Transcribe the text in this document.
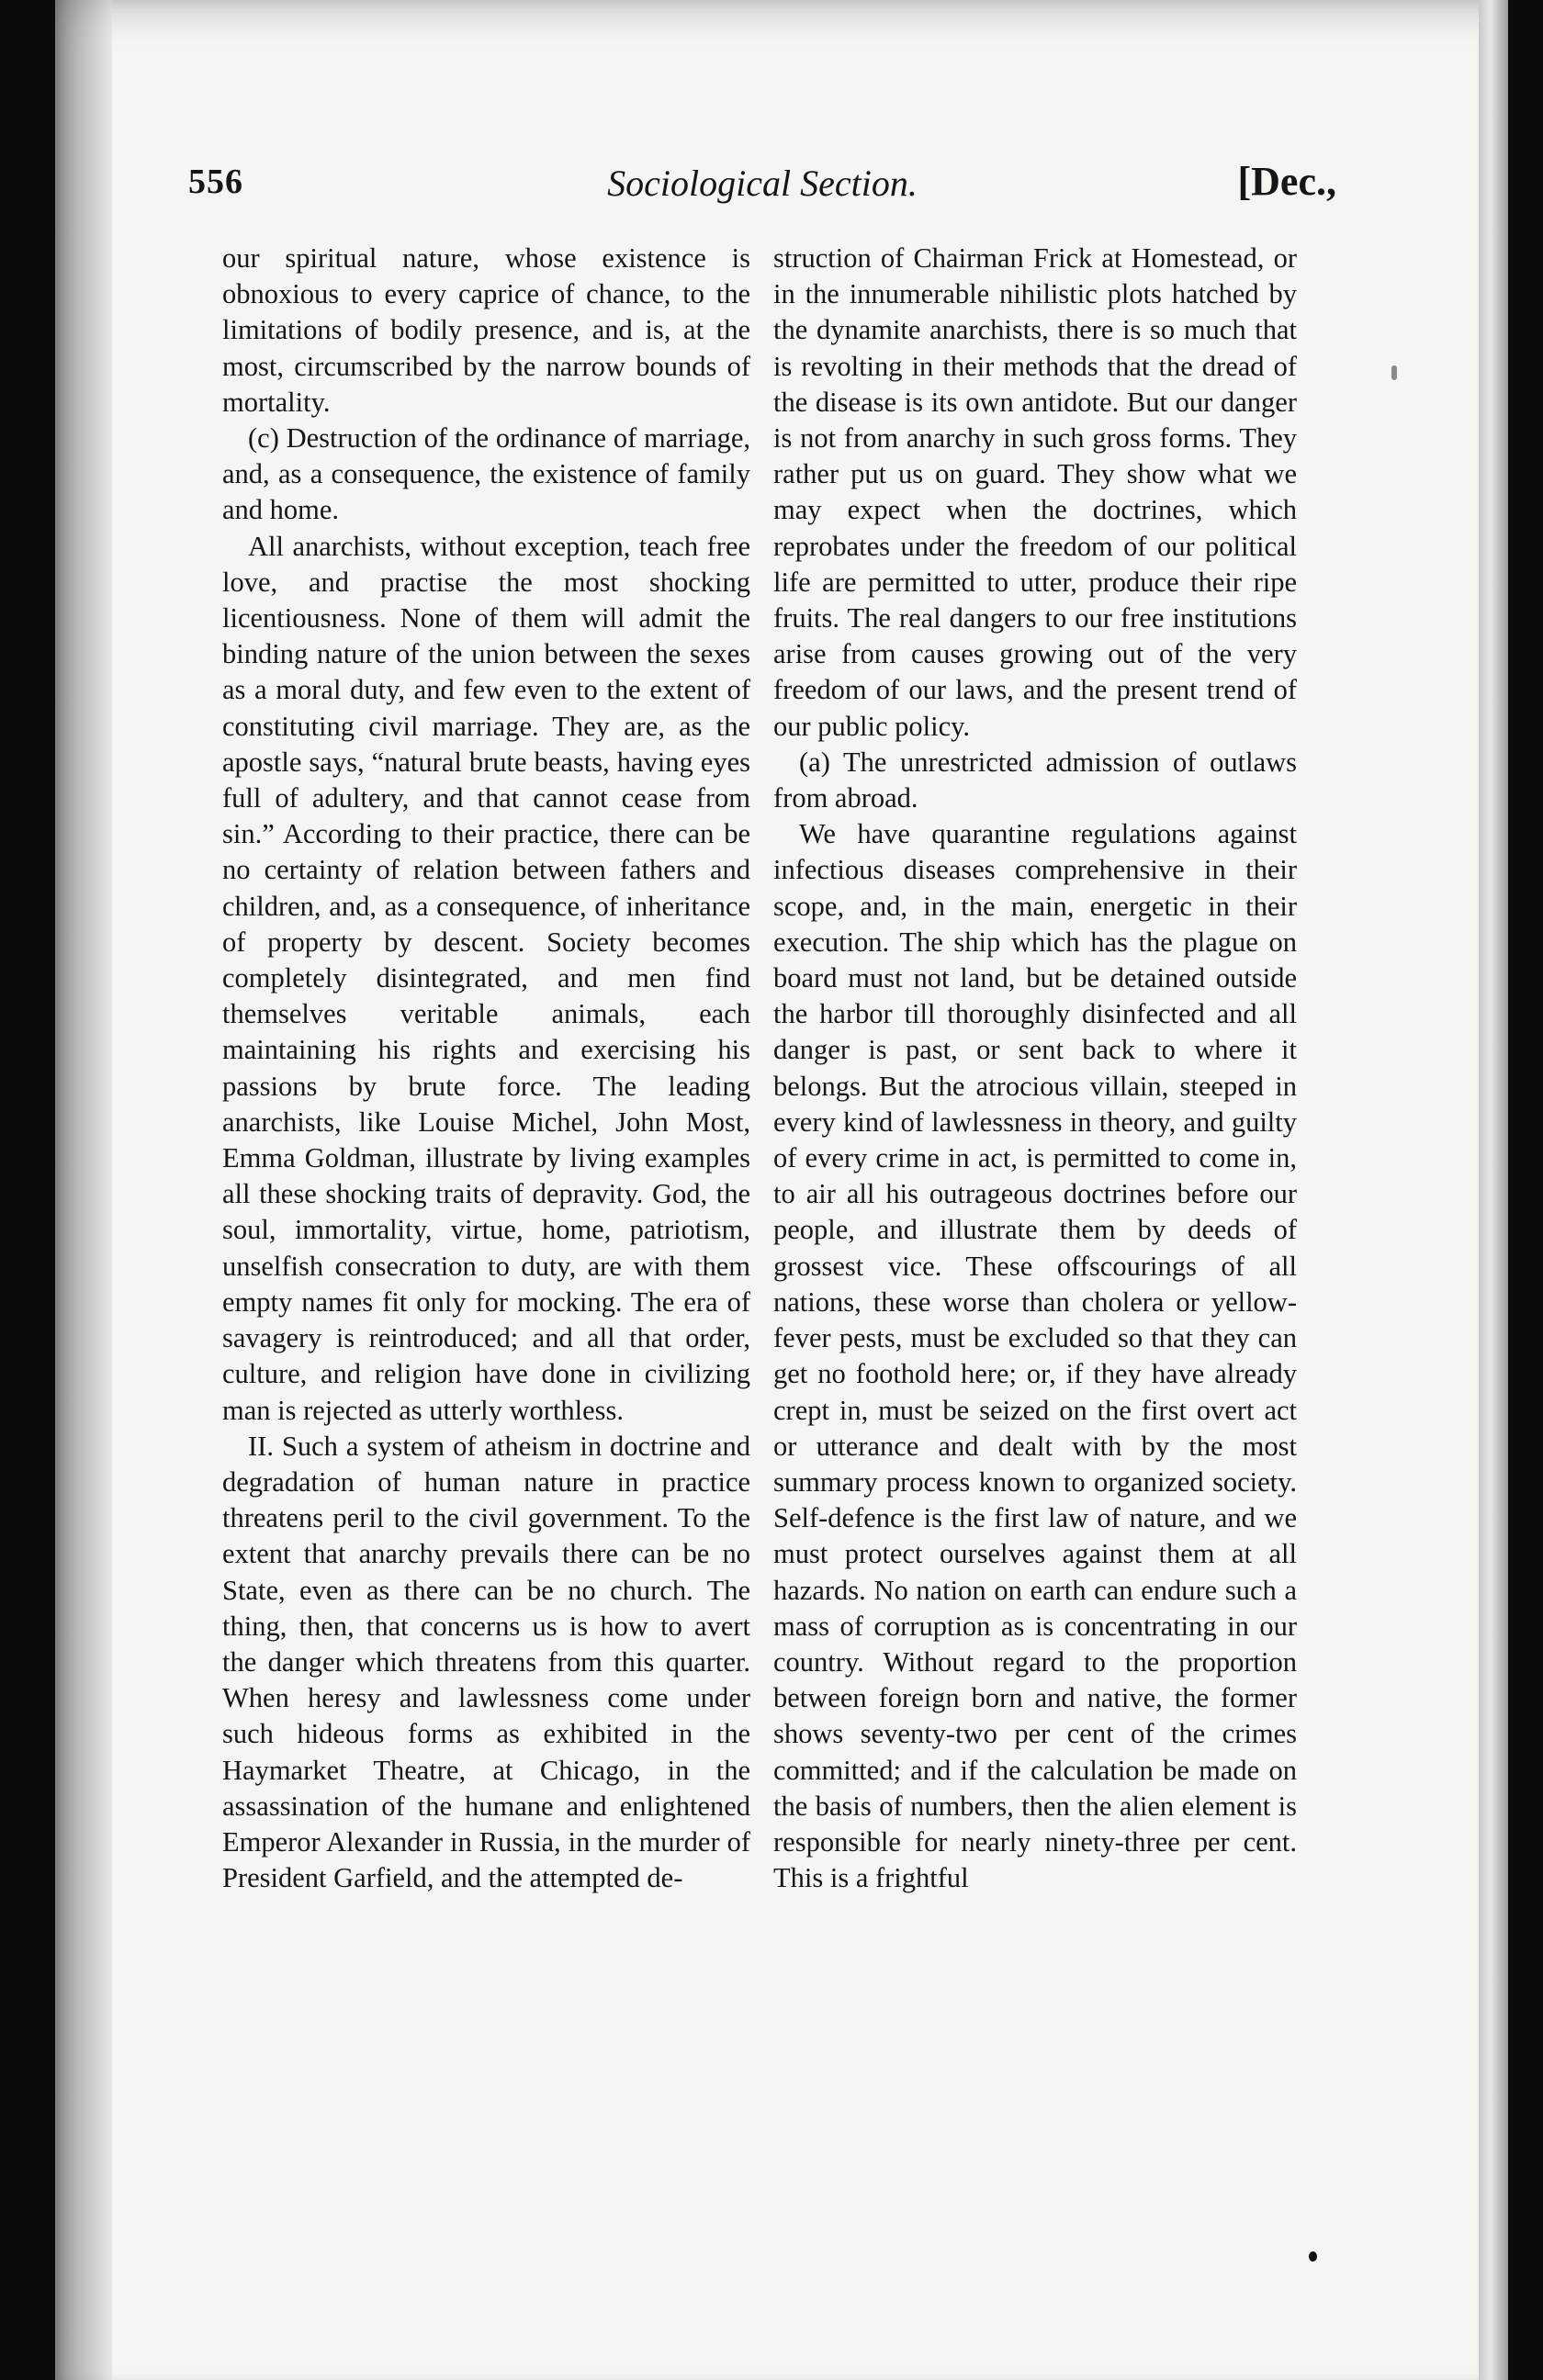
556	Sociological Section.	[Dec.,

our spiritual nature, whose existence is obnoxious to every caprice of chance, to the limitations of bodily presence, and is, at the most, circumscribed by the narrow bounds of mortality.

(c) Destruction of the ordinance of marriage, and, as a consequence, the existence of family and home.

All anarchists, without exception, teach free love, and practise the most shocking licentiousness. None of them will admit the binding nature of the union between the sexes as a moral duty, and few even to the extent of constituting civil marriage. They are, as the apostle says, “natural brute beasts, having eyes full of adultery, and that cannot cease from sin.” According to their practice, there can be no certainty of relation between fathers and children, and, as a consequence, of inheritance of property by descent. Society becomes completely disintegrated, and men find themselves veritable animals, each maintaining his rights and exercising his passions by brute force. The leading anarchists, like Louise Michel, John Most, Emma Goldman, illustrate by living examples all these shocking traits of depravity. God, the soul, immortality, virtue, home, patriotism, unselfish consecration to duty, are with them empty names fit only for mocking. The era of savagery is reintroduced; and all that order, culture, and religion have done in civilizing man is rejected as utterly worthless.

II. Such a system of atheism in doctrine and degradation of human nature in practice threatens peril to the civil government. To the extent that anarchy prevails there can be no State, even as there can be no church. The thing, then, that concerns us is how to avert the danger which threatens from this quarter. When heresy and lawlessness come under such hideous forms as exhibited in the Haymarket Theatre, at Chicago, in the assassination of the humane and enlightened Emperor Alexander in Russia, in the murder of President Garfield, and the attempted de-

struction of Chairman Frick at Homestead, or in the innumerable nihilistic plots hatched by the dynamite anarchists, there is so much that is revolting in their methods that the dread of the disease is its own antidote. But our danger is not from anarchy in such gross forms. They rather put us on guard. They show what we may expect when the doctrines, which reprobates under the freedom of our political life are permitted to utter, produce their ripe fruits. The real dangers to our free institutions arise from causes growing out of the very freedom of our laws, and the present trend of our public policy.

(a) The unrestricted admission of outlaws from abroad.

We have quarantine regulations against infectious diseases comprehensive in their scope, and, in the main, energetic in their execution. The ship which has the plague on board must not land, but be detained outside the harbor till thoroughly disinfected and all danger is past, or sent back to where it belongs. But the atrocious villain, steeped in every kind of lawlessness in theory, and guilty of every crime in act, is permitted to come in, to air all his outrageous doctrines before our people, and illustrate them by deeds of grossest vice. These offscourings of all nations, these worse than cholera or yellow-fever pests, must be excluded so that they can get no foothold here; or, if they have already crept in, must be seized on the first overt act or utterance and dealt with by the most summary process known to organized society. Self-defence is the first law of nature, and we must protect ourselves against them at all hazards. No nation on earth can endure such a mass of corruption as is concentrating in our country. Without regard to the proportion between foreign born and native, the former shows seventy-two per cent of the crimes committed; and if the calculation be made on the basis of numbers, then the alien element is responsible for nearly ninety-three per cent. This is a frightful
